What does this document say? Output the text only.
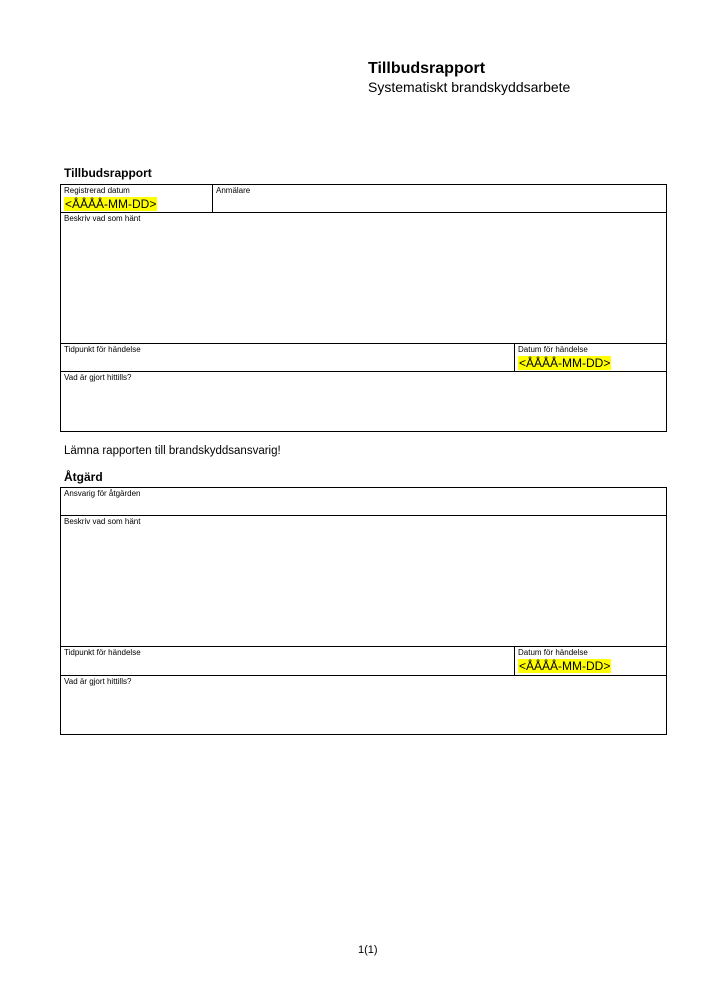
Tillbudsrapport
Systematiskt brandskyddsarbete
Tillbudsrapport
Registrerad datum
<ÅÅÅÅ-MM-DD>
Anmälare
Beskriv vad som hänt
Tidpunkt för händelse	Datum för händelse
<ÅÅÅÅ-MM-DD>
Vad är gjort hittills?
Lämna rapporten till brandskyddsansvarig!
Åtgärd
Ansvarig för åtgärden
Beskriv vad som hänt
Tidpunkt för händelse	Datum för händelse
<ÅÅÅÅ-MM-DD>
Vad är gjort hittills?
1(1)
